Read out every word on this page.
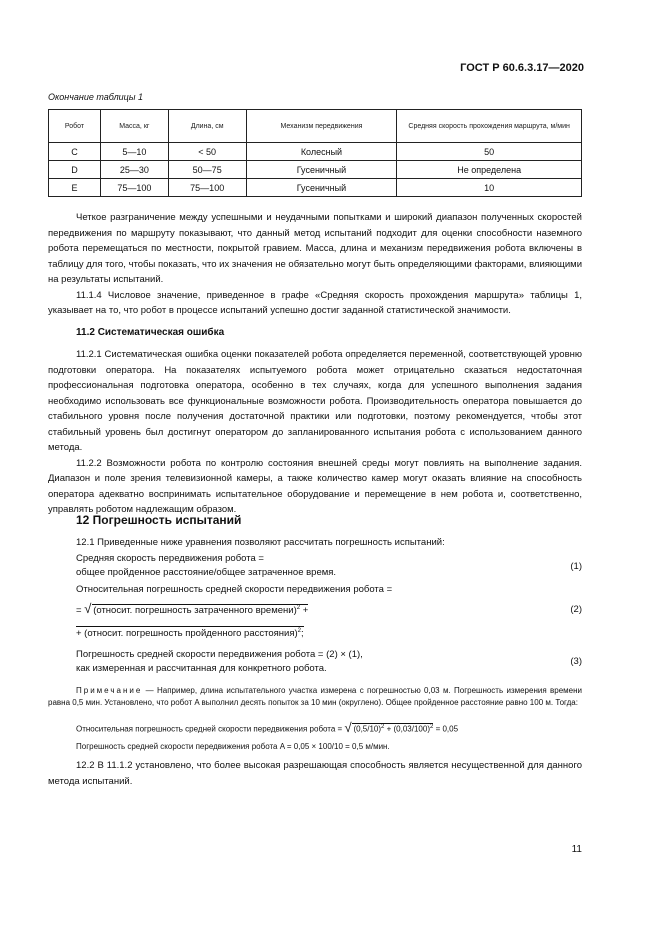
ГОСТ Р 60.6.3.17—2020
Окончание таблицы 1
Робот	Масса, кг	Длина, см	Механизм передвижения	Средняя скорость прохождения маршрута, м/мин
C	5—10	< 50	Колесный	50
D	25—30	50—75	Гусеничный	Не определена
E	75—100	75—100	Гусеничный	10

Четкое разграничение между успешными и неудачными попытками и широкий диапазон полученных скоростей передвижения по маршруту показывают, что данный метод испытаний подходит для оценки способности наземного робота перемещаться по местности, покрытой гравием. Масса, длина и механизм передвижения робота включены в таблицу для того, чтобы показать, что их значения не обязательно могут быть определяющими факторами, влияющими на результаты испытаний.

11.1.4 Числовое значение, приведенное в графе «Средняя скорость прохождения маршрута» таблицы 1, указывает на то, что робот в процессе испытаний успешно достиг заданной статистической значимости.

11.2 Систематическая ошибка

11.2.1 Систематическая ошибка оценки показателей робота определяется переменной, соответствующей уровню подготовки оператора. На показателях испытуемого робота может отрицательно сказаться недостаточная профессиональная подготовка оператора, особенно в тех случаях, когда для успешного выполнения задания необходимо использовать все функциональные возможности робота. Производительность оператора повышается до стабильного уровня после получения достаточной практики или подготовки, поэтому рекомендуется, чтобы этот стабильный уровень был достигнут оператором до запланированного испытания робота с использованием данного метода.

11.2.2 Возможности робота по контролю состояния внешней среды могут повлиять на выполнение задания. Диапазон и поле зрения телевизионной камеры, а также количество камер могут оказать влияние на способность оператора адекватно воспринимать испытательное оборудование и перемещение в нем робота и, соответственно, управлять роботом надлежащим образом.

12 Погрешность испытаний
12.1 Приведенные ниже уравнения позволяют рассчитать погрешность испытаний:
Средняя скорость передвижения робота =
общее пройденное расстояние/общее затраченное время.
(1)
Относительная погрешность средней скорости передвижения робота =
= √ (относит. погрешность затраченного времени)$^2$ +	(2)
+ (относит. погрешность пройденного расстояния)$^2$;
Погрешность средней скорости передвижения робота = (2) × (1),
как измеренная и рассчитанная для конкретного робота.
(3)
Примечание — Например, длина испытательного участка измерена с погрешностью 0,03 м. Погрешность измерения времени равна 0,5 мин. Установлено, что робот A выполнил десять попыток за 10 мин (округлено). Общее пройденное расстояние равно 100 м. Тогда:
Относительная погрешность средней скорости передвижения робота = √ $(0,5/10)^2 + (0,03/100)^2 = 0,05$
Погрешность средней скорости передвижения робота A = 0,05 × 100/10 = 0,5 м/мин.

12.2 В 11.1.2 установлено, что более высокая разрешающая способность является несущественной для данного метода испытаний.

11
